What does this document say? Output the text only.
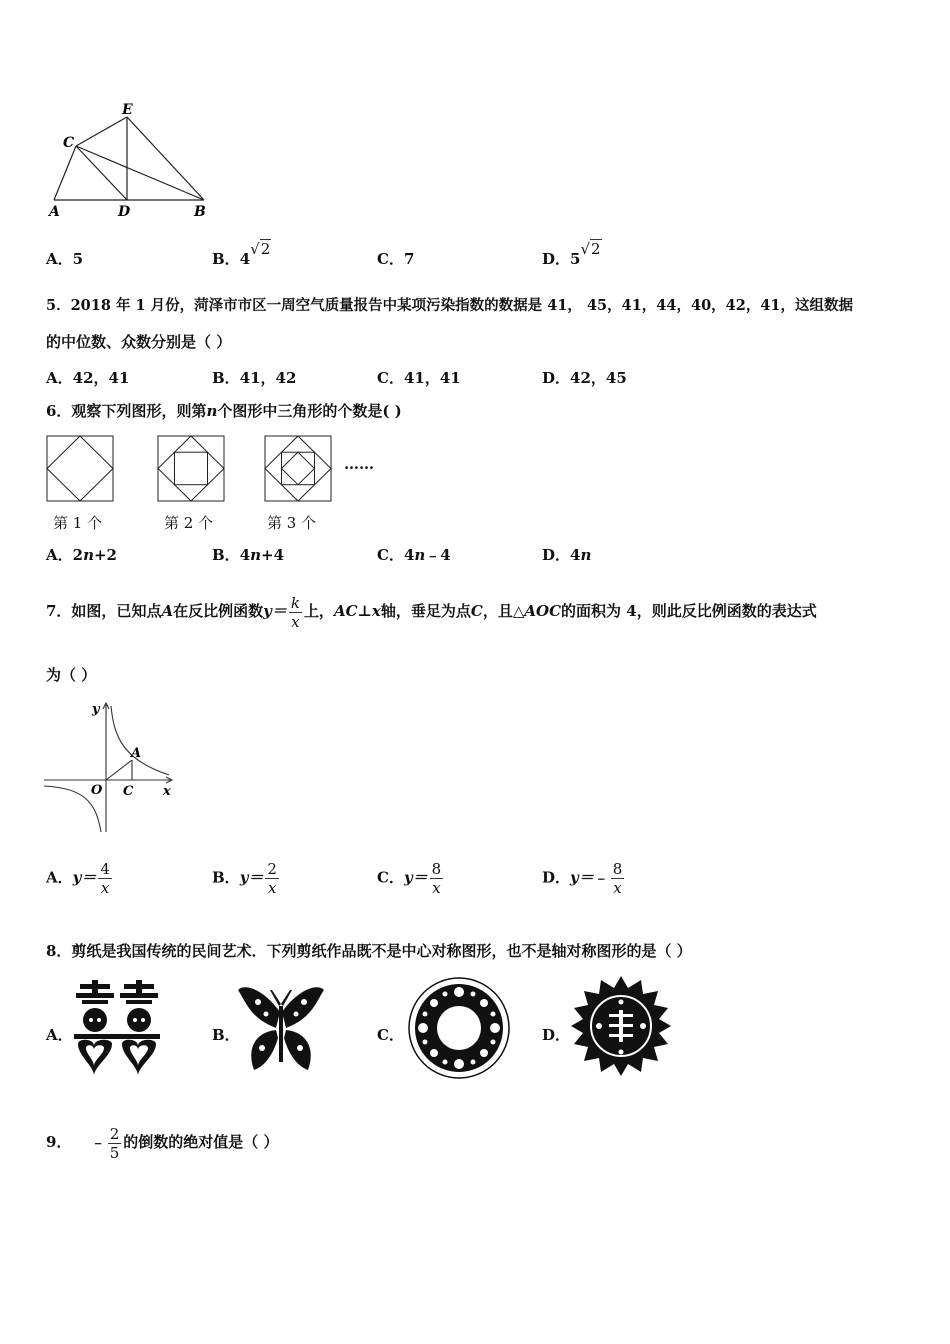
E
C
A	D	B
A．5	B．4√2
C．7	D．5√2
5．2018 年 1 月份，菏泽市市区一周空气质量报告中某项污染指数的数据是 41， 45，41，44，40，42，41，这组数据
的中位数、众数分别是（ ）
A．42，41	B．41，42	C．41，41	D．42，45
6．观察下列图形，则第n个图形中三角形的个数是( )
……
第 1 个	第 2 个	第 3 个
A．2n+2	B．4n+4	C．4n﹣4	D．4n
7．如图，已知点A在反比例函数$y= \frac{k}{x}$ 上，AC⊥x轴，垂足为点C，且△AOC的面积为 4，则此反比例函数的表达式
为（ ）
y
A
O C x
A．$y= \frac{4}{x}$	B．$y= \frac{2}{x}$	C．$y= \frac{8}{x}$	D．y＝﹣ $\frac{8}{x}$
8．剪纸是我国传统的民间艺术．下列剪纸作品既不是中心对称图形，也不是轴对称图形的是（ ）
A．	B．	C．	D．
9． ﹣ $\frac{2}{5}$ 的倒数的绝对值是（ ）
